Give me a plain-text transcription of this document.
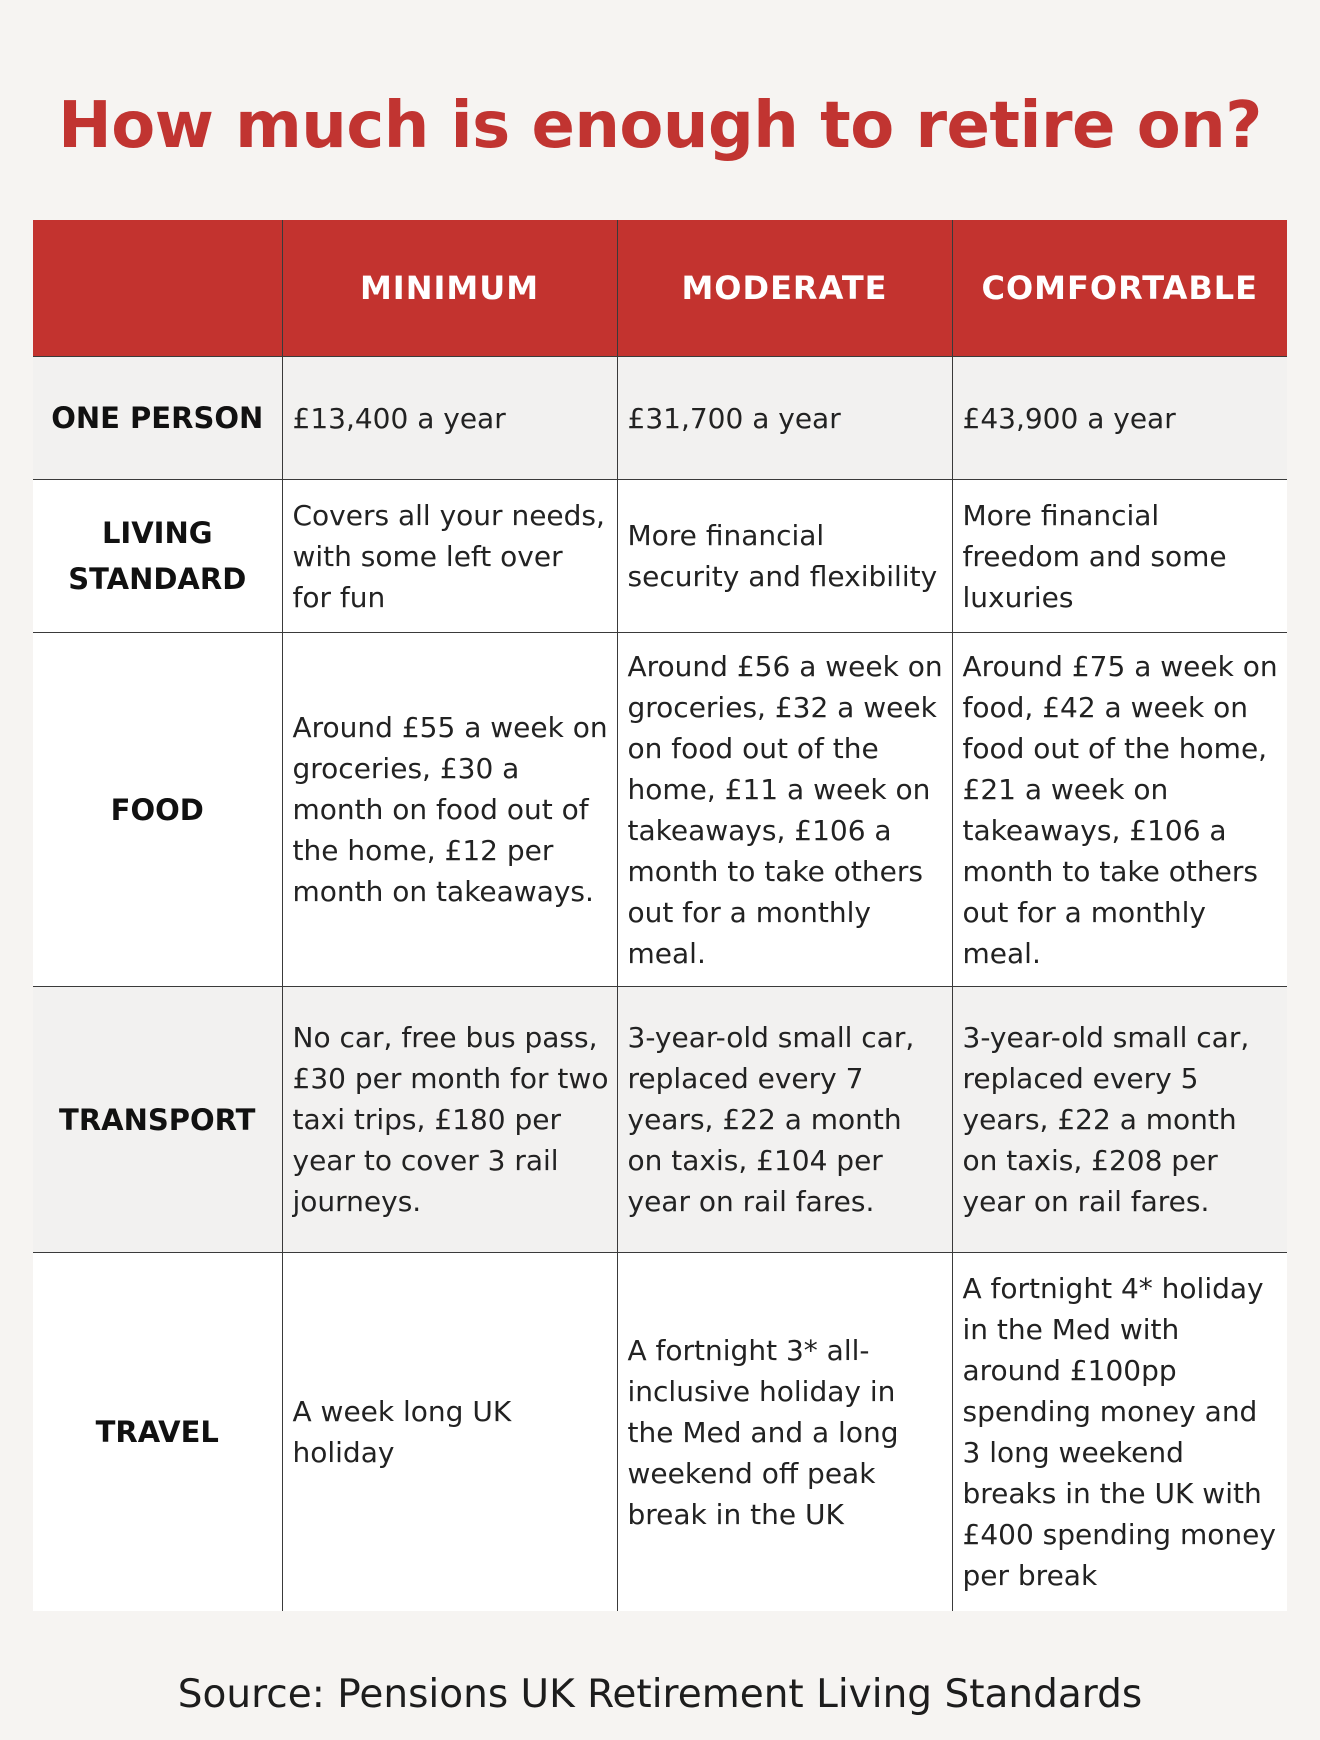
How much is enough to retire on?
	MINIMUM	MODERATE	COMFORTABLE
ONE PERSON	£13,400 a year	£31,700 a year	£43,900 a year
LIVING STANDARD	Covers all your needs, with some left over for fun	More financial security and flexibility	More financial freedom and some luxuries
FOOD	Around £55 a week on groceries, £30 a month on food out of the home, £12 per month on takeaways.	Around £56 a week on groceries, £32 a week on food out of the home, £11 a week on takeaways, £106 a month to take others out for a monthly meal.	Around £75 a week on food, £42 a week on food out of the home, £21 a week on takeaways, £106 a month to take others out for a monthly meal.
TRANSPORT	No car, free bus pass, £30 per month for two taxi trips, £180 per year to cover 3 rail journeys.	3-year-old small car, replaced every 7 years, £22 a month on taxis, £104 per year on rail fares.	3-year-old small car, replaced every 5 years, £22 a month on taxis, £208 per year on rail fares.
TRAVEL	A week long UK holiday	A fortnight 3* all-inclusive holiday in the Med and a long weekend off peak break in the UK	A fortnight 4* holiday in the Med with around £100pp spending money and 3 long weekend breaks in the UK with £400 spending money per break
Source: Pensions UK Retirement Living Standards
